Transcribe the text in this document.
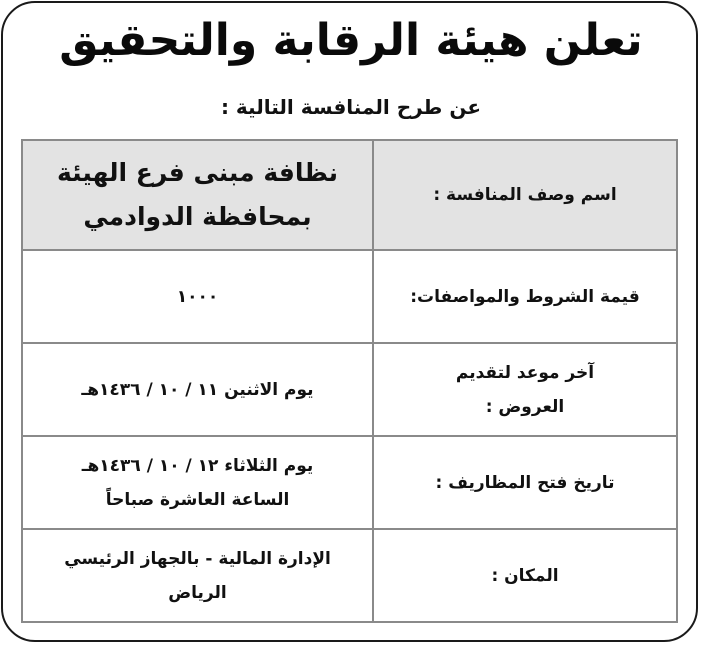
تعلن هيئة الرقابة والتحقيق
عن طرح المنافسة التالية :
اسم وصف المنافسة :	نظافة مبنى فرع الهيئة
بمحافظة الدوادمي

قيمة الشروط والمواصفات:	١٠٠٠

آخر موعد لتقديم
العروض :	يوم الاثنين ١١ / ١٠ / ١٤٣٦هـ
تاريخ فتح المظاريف :	يوم الثلاثاء ١٢ / ١٠ / ١٤٣٦هـ
الساعة العاشرة صباحاً

المكان :	الإدارة المالية - بالجهاز الرئيسي
الرياض
